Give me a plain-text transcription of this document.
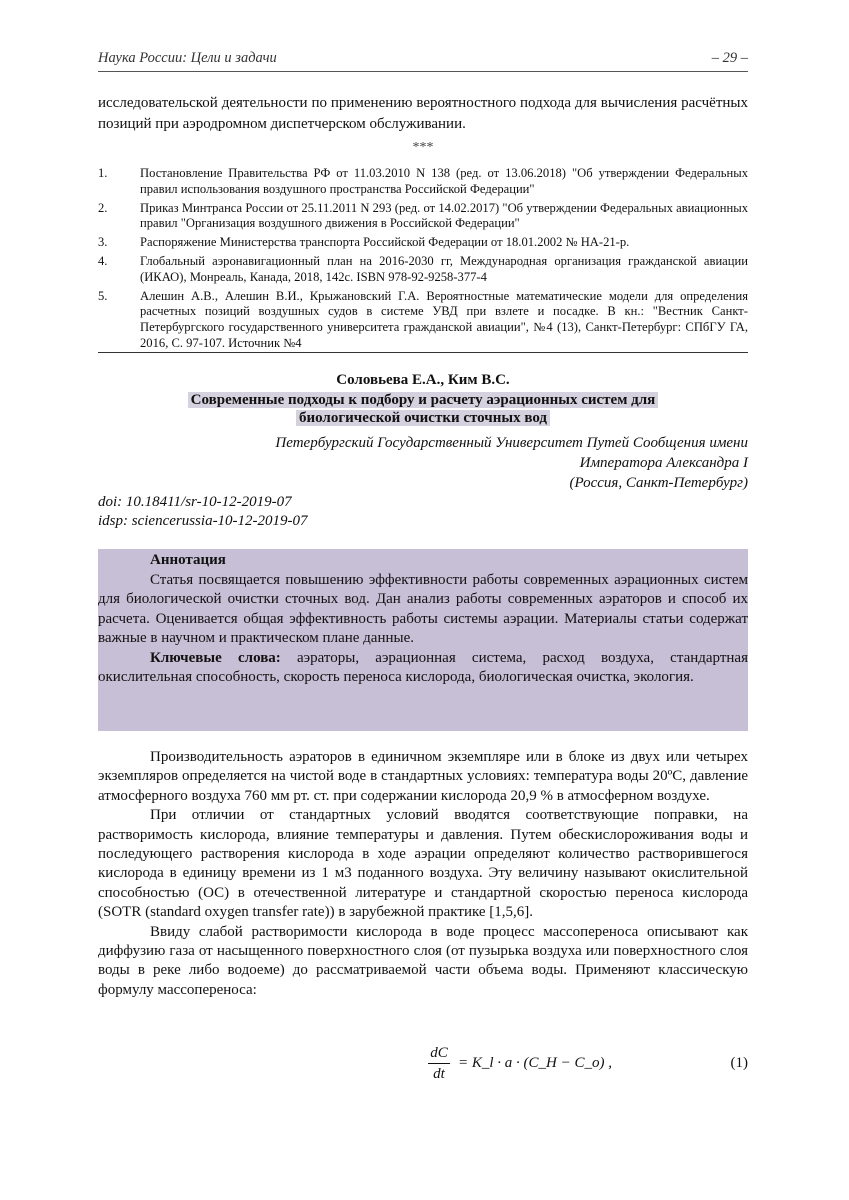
Наука России: Цели и задачи	– 29 –
исследовательской деятельности по применению вероятностного подхода для вычисления расчётных позиций при аэродромном диспетчерском обслуживании.
***
1.	Постановление Правительства РФ от 11.03.2010 N 138 (ред. от 13.06.2018) "Об утверждении Федеральных правил использования воздушного пространства Российской Федерации"
2.	Приказ Минтранса России от 25.11.2011 N 293 (ред. от 14.02.2017) "Об утверждении Федеральных авиационных правил "Организация воздушного движения в Российской Федерации"
3.	Распоряжение Министерства транспорта Российской Федерации от 18.01.2002 № НА-21-р.
4.	Глобальный аэронавигационный план на 2016-2030 гг, Международная организация гражданской авиации (ИКАО), Монреаль, Канада, 2018, 142с. ISBN 978-92-9258-377-4
5.	Алешин А.В., Алешин В.И., Крыжановский Г.А. Вероятностные математические модели для определения расчетных позиций воздушных судов в системе УВД при взлете и посадке. В кн.: "Вестник Санкт-Петербургского государственного университета гражданской авиации", №4 (13), Санкт-Петербург: СПбГУ ГА, 2016, С. 97-107. Источник №4
Соловьева Е.А., Ким В.С.
Современные подходы к подбору и расчету аэрационных систем для
биологической очистки сточных вод
Петербургский Государственный Университет Путей Сообщения имени
Императора Александра I
(Россия, Санкт-Петербург)
doi: 10.18411/sr-10-12-2019-07
idsp: sciencerussia-10-12-2019-07
Аннотация

Статья посвящается повышению эффективности работы современных аэрационных систем для биологической очистки сточных вод. Дан анализ работы современных аэраторов и способ их расчета. Оценивается общая эффективность работы системы аэрации. Материалы статьи содержат важные в научном и практическом плане данные.

Ключевые слова: аэраторы, аэрационная система, расход воздуха, стандартная окислительная способность, скорость переноса кислорода, биологическая очистка, экология.

Производительность аэраторов в единичном экземпляре или в блоке из двух или четырех экземпляров определяется на чистой воде в стандартных условиях: температура воды 20ºС, давление атмосферного воздуха 760 мм рт. ст. при содержании кислорода 20,9 % в атмосферном воздухе.

При отличии от стандартных условий вводятся соответствующие поправки, на растворимость кислорода, влияние температуры и давления. Путем обескислороживания воды и последующего растворения кислорода в ходе аэрации определяют количество растворившегося кислорода в единицу времени из 1 м3 поданного воздуха. Эту величину называют окислительной способностью (ОС) в отечественной литературе и стандартной скоростью переноса кислорода (SOTR (standard oxygen transfer rate)) в зарубежной практике [1,5,6].

Ввиду слабой растворимости кислорода в воде процесс массопереноса описывают как диффузию газа от насыщенного поверхностного слоя (от пузырька воздуха или поверхностного слоя воды в реке либо водоеме) до рассматриваемой части объема воды. Применяют классическую формулу массопереноса:

dC
dt
= K_l · a · (C_H − C_o) ,	(1)
